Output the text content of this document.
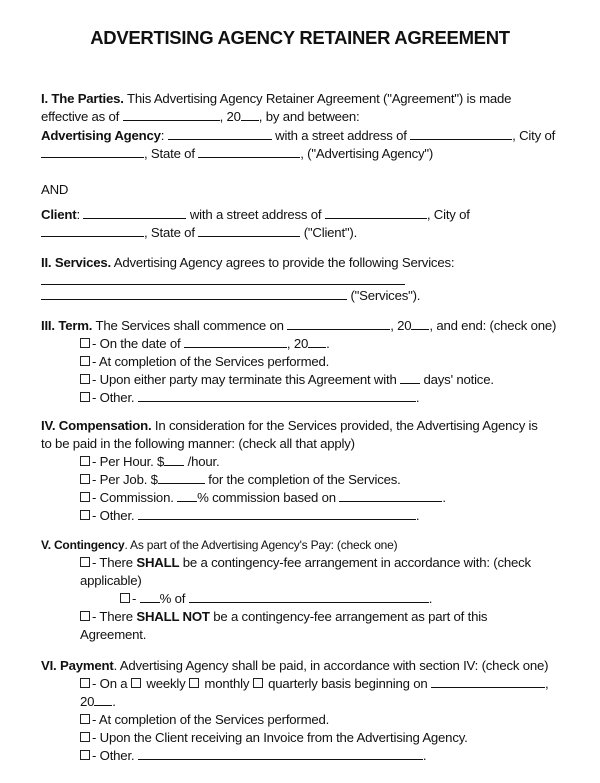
ADVERTISING AGENCY RETAINER AGREEMENT
I. The Parties. This Advertising Agency Retainer Agreement ("Agreement") is made
effective as of	, 20 , by and between:
Advertising Agency:	with a street address of	, City of
, State of	, ("Advertising Agency")
AND
Client:	with a street address of	, City of
, State of	("Client").
II. Services. Advertising Agency agrees to provide the following Services:
("Services").
III. Term. The Services shall commence on	, 20 , and end: (check one)
- On the date of	, 20 .
- At completion of the Services performed.
- Upon either party may terminate this Agreement with  days' notice.
- Other.	.
IV. Compensation. In consideration for the Services provided, the Advertising Agency is
to be paid in the following manner: (check all that apply)
- Per Hour. $ /hour.
- Per Job. $	for the completion of the Services.
- Commission. % commission based on	.
- Other.	.
V. Contingency. As part of the Advertising Agency's Pay: (check one)
- There SHALL be a contingency-fee arrangement in accordance with: (check
applicable)
- % of	.
- There SHALL NOT be a contingency-fee arrangement as part of this
Agreement.
VI. Payment. Advertising Agency shall be paid, in accordance with section IV: (check one)
- On a  weekly  monthly  quarterly basis beginning on	,
20 .
- At completion of the Services performed.
- Upon the Client receiving an Invoice from the Advertising Agency.
- Other.	.
